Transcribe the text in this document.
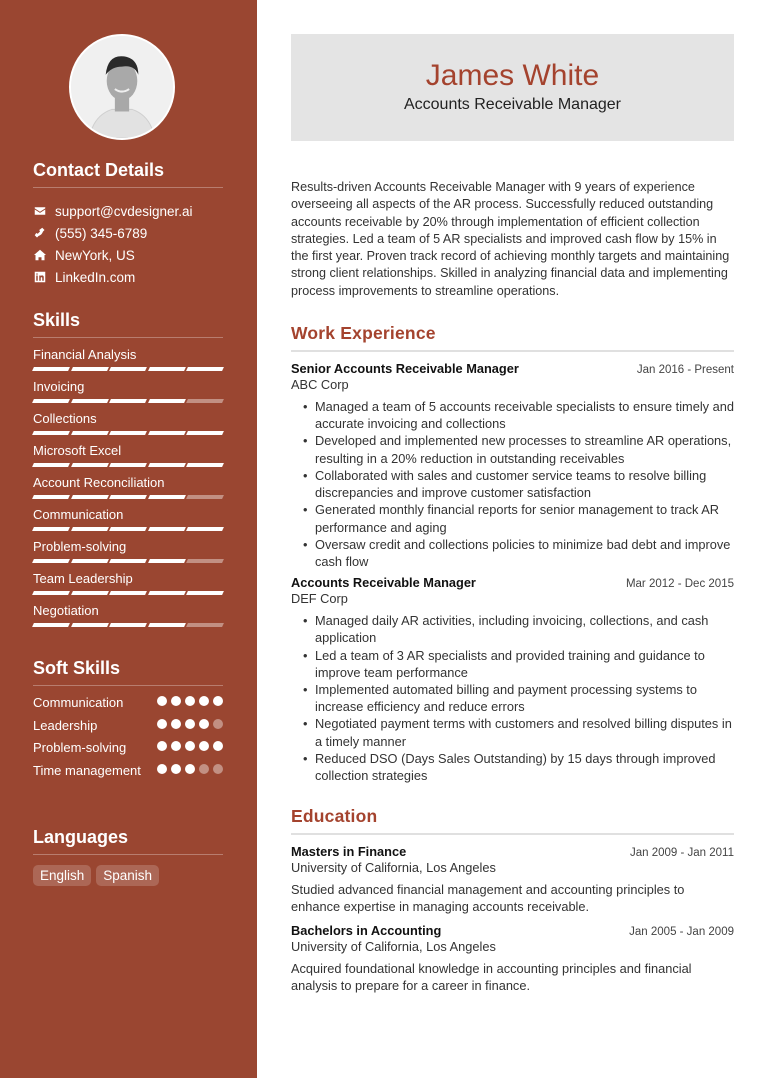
Contact Details
support@cvdesigner.ai
(555) 345-6789
NewYork, US
LinkedIn.com
Skills
Financial Analysis
Invoicing
Collections
Microsoft Excel
Account Reconciliation
Communication
Problem-solving
Team Leadership
Negotiation
Soft Skills
Communication
Leadership
Problem-solving
Time management
Languages
English	Spanish
James White
Accounts Receivable Manager

Results-driven Accounts Receivable Manager with 9 years of experience overseeing all aspects of the AR process. Successfully reduced outstanding accounts receivable by 20% through implementation of efficient collection strategies. Led a team of 5 AR specialists and improved cash flow by 15% in the first year. Proven track record of achieving monthly targets and maintaining strong client relationships. Skilled in analyzing financial data and implementing process improvements to streamline operations.

Work Experience
Senior Accounts Receivable Manager	Jan 2016 - Present
ABC Corp
• Managed a team of 5 accounts receivable specialists to ensure timely and accurate invoicing and collections
• Developed and implemented new processes to streamline AR operations, resulting in a 20% reduction in outstanding receivables
• Collaborated with sales and customer service teams to resolve billing discrepancies and improve customer satisfaction
• Generated monthly financial reports for senior management to track AR performance and aging
• Oversaw credit and collections policies to minimize bad debt and improve cash flow
Accounts Receivable Manager	Mar 2012 - Dec 2015
DEF Corp
• Managed daily AR activities, including invoicing, collections, and cash application
• Led a team of 3 AR specialists and provided training and guidance to improve team performance
• Implemented automated billing and payment processing systems to increase efficiency and reduce errors
• Negotiated payment terms with customers and resolved billing disputes in a timely manner
• Reduced DSO (Days Sales Outstanding) by 15 days through improved collection strategies
Education
Masters in Finance	Jan 2009 - Jan 2011
University of California, Los Angeles

Studied advanced financial management and accounting principles to enhance expertise in managing accounts receivable.

Bachelors in Accounting	Jan 2005 - Jan 2009
University of California, Los Angeles

Acquired foundational knowledge in accounting principles and financial analysis to prepare for a career in finance.
